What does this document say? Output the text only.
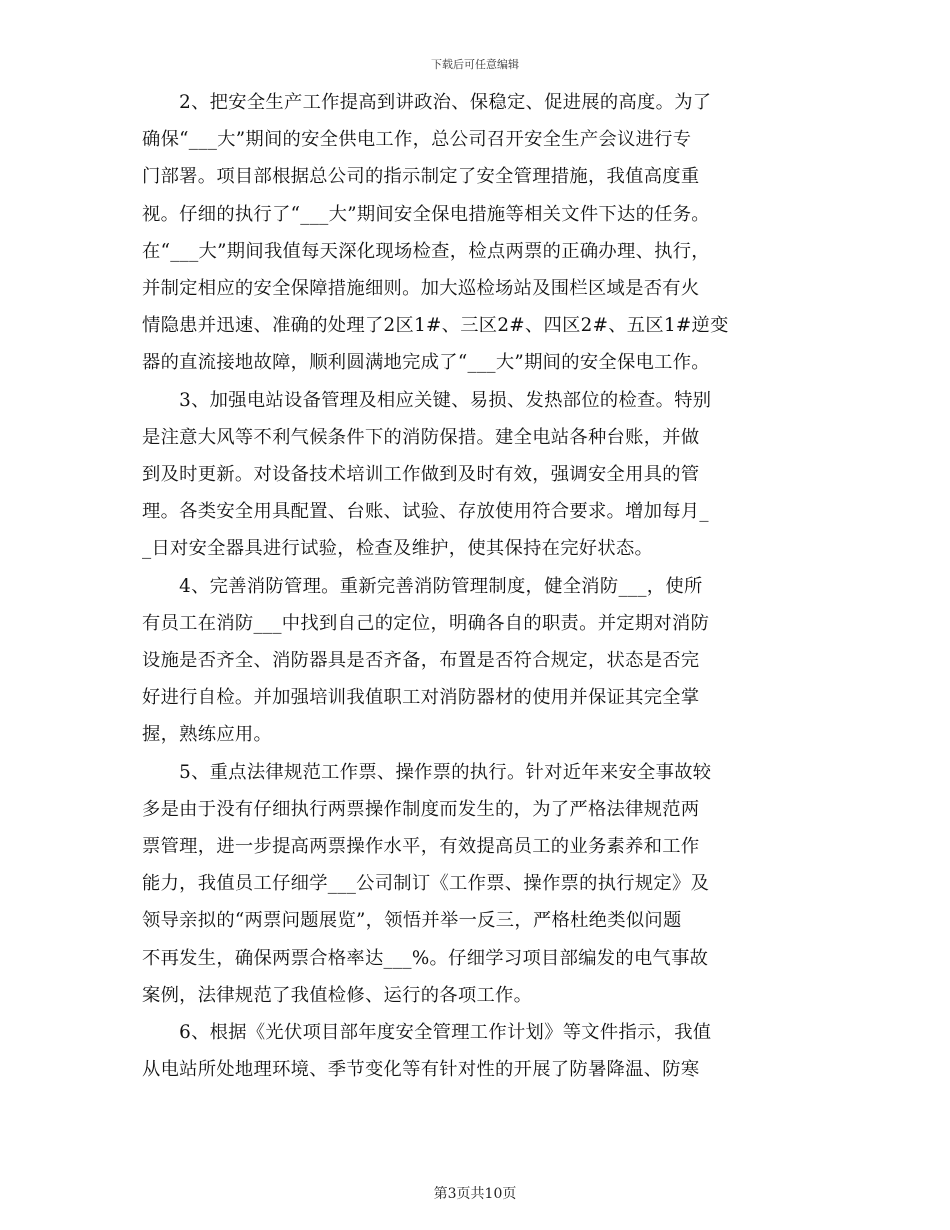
下载后可任意编辑

　　2、把安全生产工作提高到讲政治、保稳定、促进展的高度。为了
确保“___大”期间的安全供电工作，总公司召开安全生产会议进行专
门部署。项目部根据总公司的指示制定了安全管理措施，我值高度重
视。仔细的执行了“___大”期间安全保电措施等相关文件下达的任务。
在“___大”期间我值每天深化现场检查，检点两票的正确办理、执行，
并制定相应的安全保障措施细则。加大巡检场站及围栏区域是否有火
情隐患并迅速、准确的处理了2区1#、三区2#、四区2#、五区1#逆变
器的直流接地故障，顺利圆满地完成了“___大”期间的安全保电工作。

　　3、加强电站设备管理及相应关键、易损、发热部位的检查。特别
是注意大风等不利气候条件下的消防保措。建全电站各种台账，并做
到及时更新。对设备技术培训工作做到及时有效，强调安全用具的管
理。各类安全用具配置、台账、试验、存放使用符合要求。增加每月_
_日对安全器具进行试验，检查及维护，使其保持在完好状态。

　　4、完善消防管理。重新完善消防管理制度，健全消防___，使所
有员工在消防___中找到自己的定位，明确各自的职责。并定期对消防
设施是否齐全、消防器具是否齐备，布置是否符合规定，状态是否完
好进行自检。并加强培训我值职工对消防器材的使用并保证其完全掌
握，熟练应用。

　　5、重点法律规范工作票、操作票的执行。针对近年来安全事故较
多是由于没有仔细执行两票操作制度而发生的，为了严格法律规范两
票管理，进一步提高两票操作水平，有效提高员工的业务素养和工作
能力，我值员工仔细学___公司制订《工作票、操作票的执行规定》及
领导亲拟的“两票问题展览”，领悟并举一反三，严格杜绝类似问题
不再发生，确保两票合格率达___%。仔细学习项目部编发的电气事故
案例，法律规范了我值检修、运行的各项工作。

　　6、根据《光伏项目部年度安全管理工作计划》等文件指示，我值
从电站所处地理环境、季节变化等有针对性的开展了防暑降温、防寒

第3页共10页
